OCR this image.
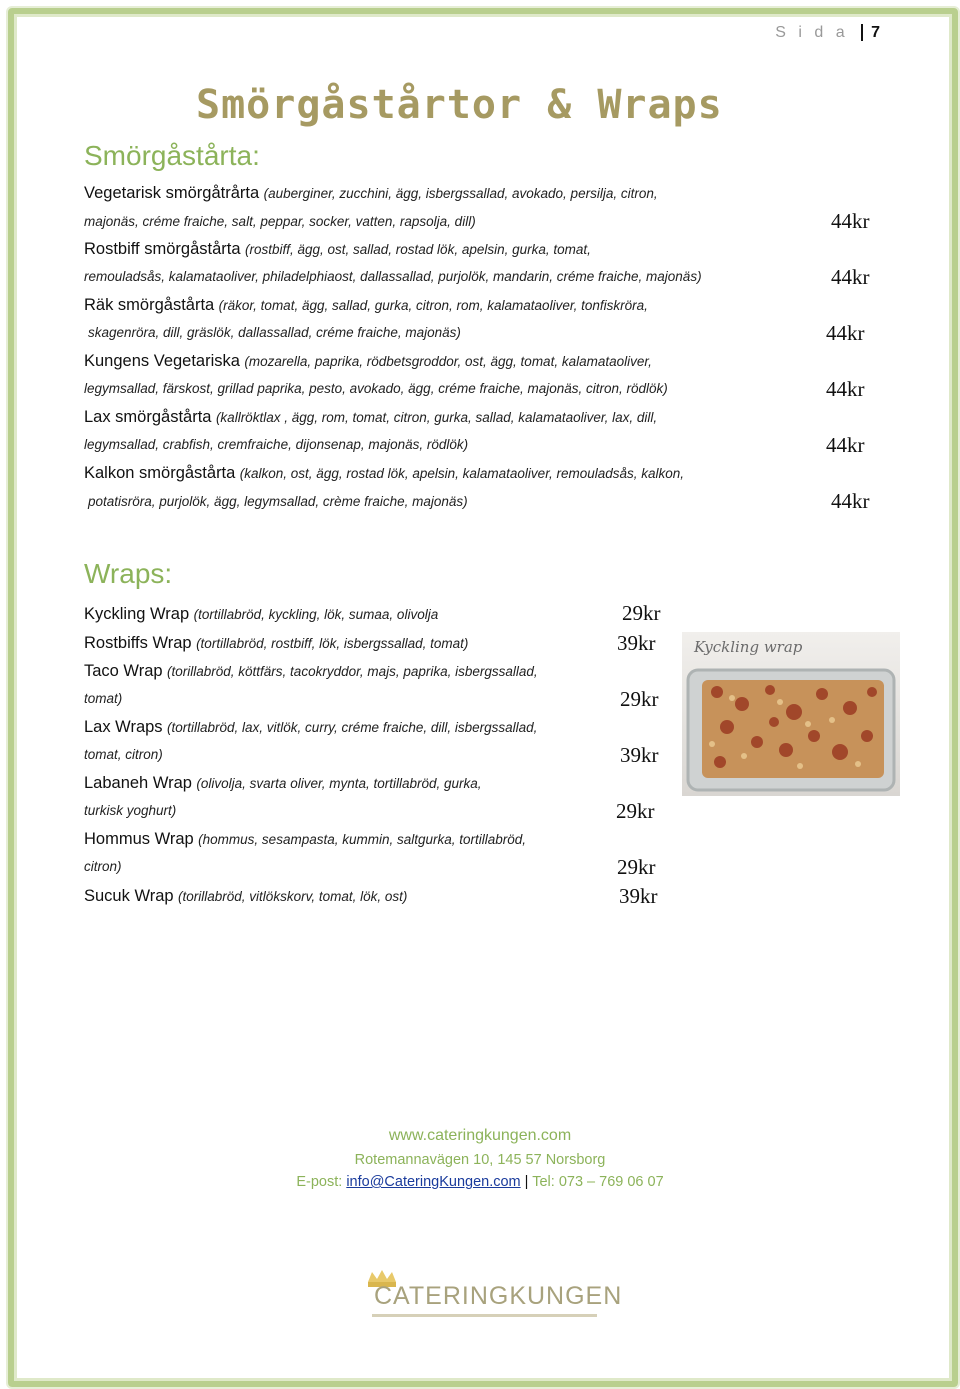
S i d a 7
Smörgåstårtor & Wraps
Smörgåstårta:
Vegetarisk smörgåtrårta (auberginer, zucchini, ägg, isbergssallad, avokado, persilja, citron,
majonäs, créme fraiche, salt, peppar, socker, vatten, rapsolja, dill)	44kr
Rostbiff smörgåstårta (rostbiff, ägg, ost, sallad, rostad lök, apelsin, gurka, tomat,
remouladsås, kalamataoliver, philadelphiaost, dallassallad, purjolök, mandarin, créme fraiche, majonäs)	44kr
Räk smörgåstårta (räkor, tomat, ägg, sallad, gurka, citron, rom, kalamataoliver, tonfiskröra,
skagenröra, dill, gräslök, dallassallad, créme fraiche, majonäs)	44kr
Kungens Vegetariska (mozarella, paprika, rödbetsgroddor, ost, ägg, tomat, kalamataoliver,
legymsallad, färskost, grillad paprika, pesto, avokado, ägg, créme fraiche, majonäs, citron, rödlök)	44kr
Lax smörgåstårta (kallröktlax , ägg, rom, tomat, citron, gurka, sallad, kalamataoliver, lax, dill,
legymsallad, crabfish, cremfraiche, dijonsenap, majonäs, rödlök)	44kr
Kalkon smörgåstårta (kalkon, ost, ägg, rostad lök, apelsin, kalamataoliver, remouladsås, kalkon,
potatisröra, purjolök, ägg, legymsallad, crème fraiche, majonäs)	44kr
Wraps:
Kyckling Wrap (tortillabröd, kyckling, lök, sumaa, olivolja	29kr
Rostbiffs Wrap (tortillabröd, rostbiff, lök, isbergssallad, tomat)	39kr
Taco Wrap (torillabröd, köttfärs, tacokryddor, majs, paprika, isbergssallad,
tomat)	29kr
Lax Wraps (tortillabröd, lax, vitlök, curry, créme fraiche, dill, isbergssallad,
tomat, citron)	39kr
Labaneh Wrap (olivolja, svarta oliver, mynta, tortillabröd, gurka,
turkisk yoghurt)	29kr
Hommus Wrap (hommus, sesampasta, kummin, saltgurka, tortillabröd,
citron)	29kr
Sucuk Wrap (torillabröd, vitlökskorv, tomat, lök, ost)	39kr
Kyckling wrap
www.cateringkungen.com
Rotemannavägen 10, 145 57 Norsborg
E-post: info@CateringKungen.com | Tel: 073 – 769 06 07
CATERINGKUNGEN
